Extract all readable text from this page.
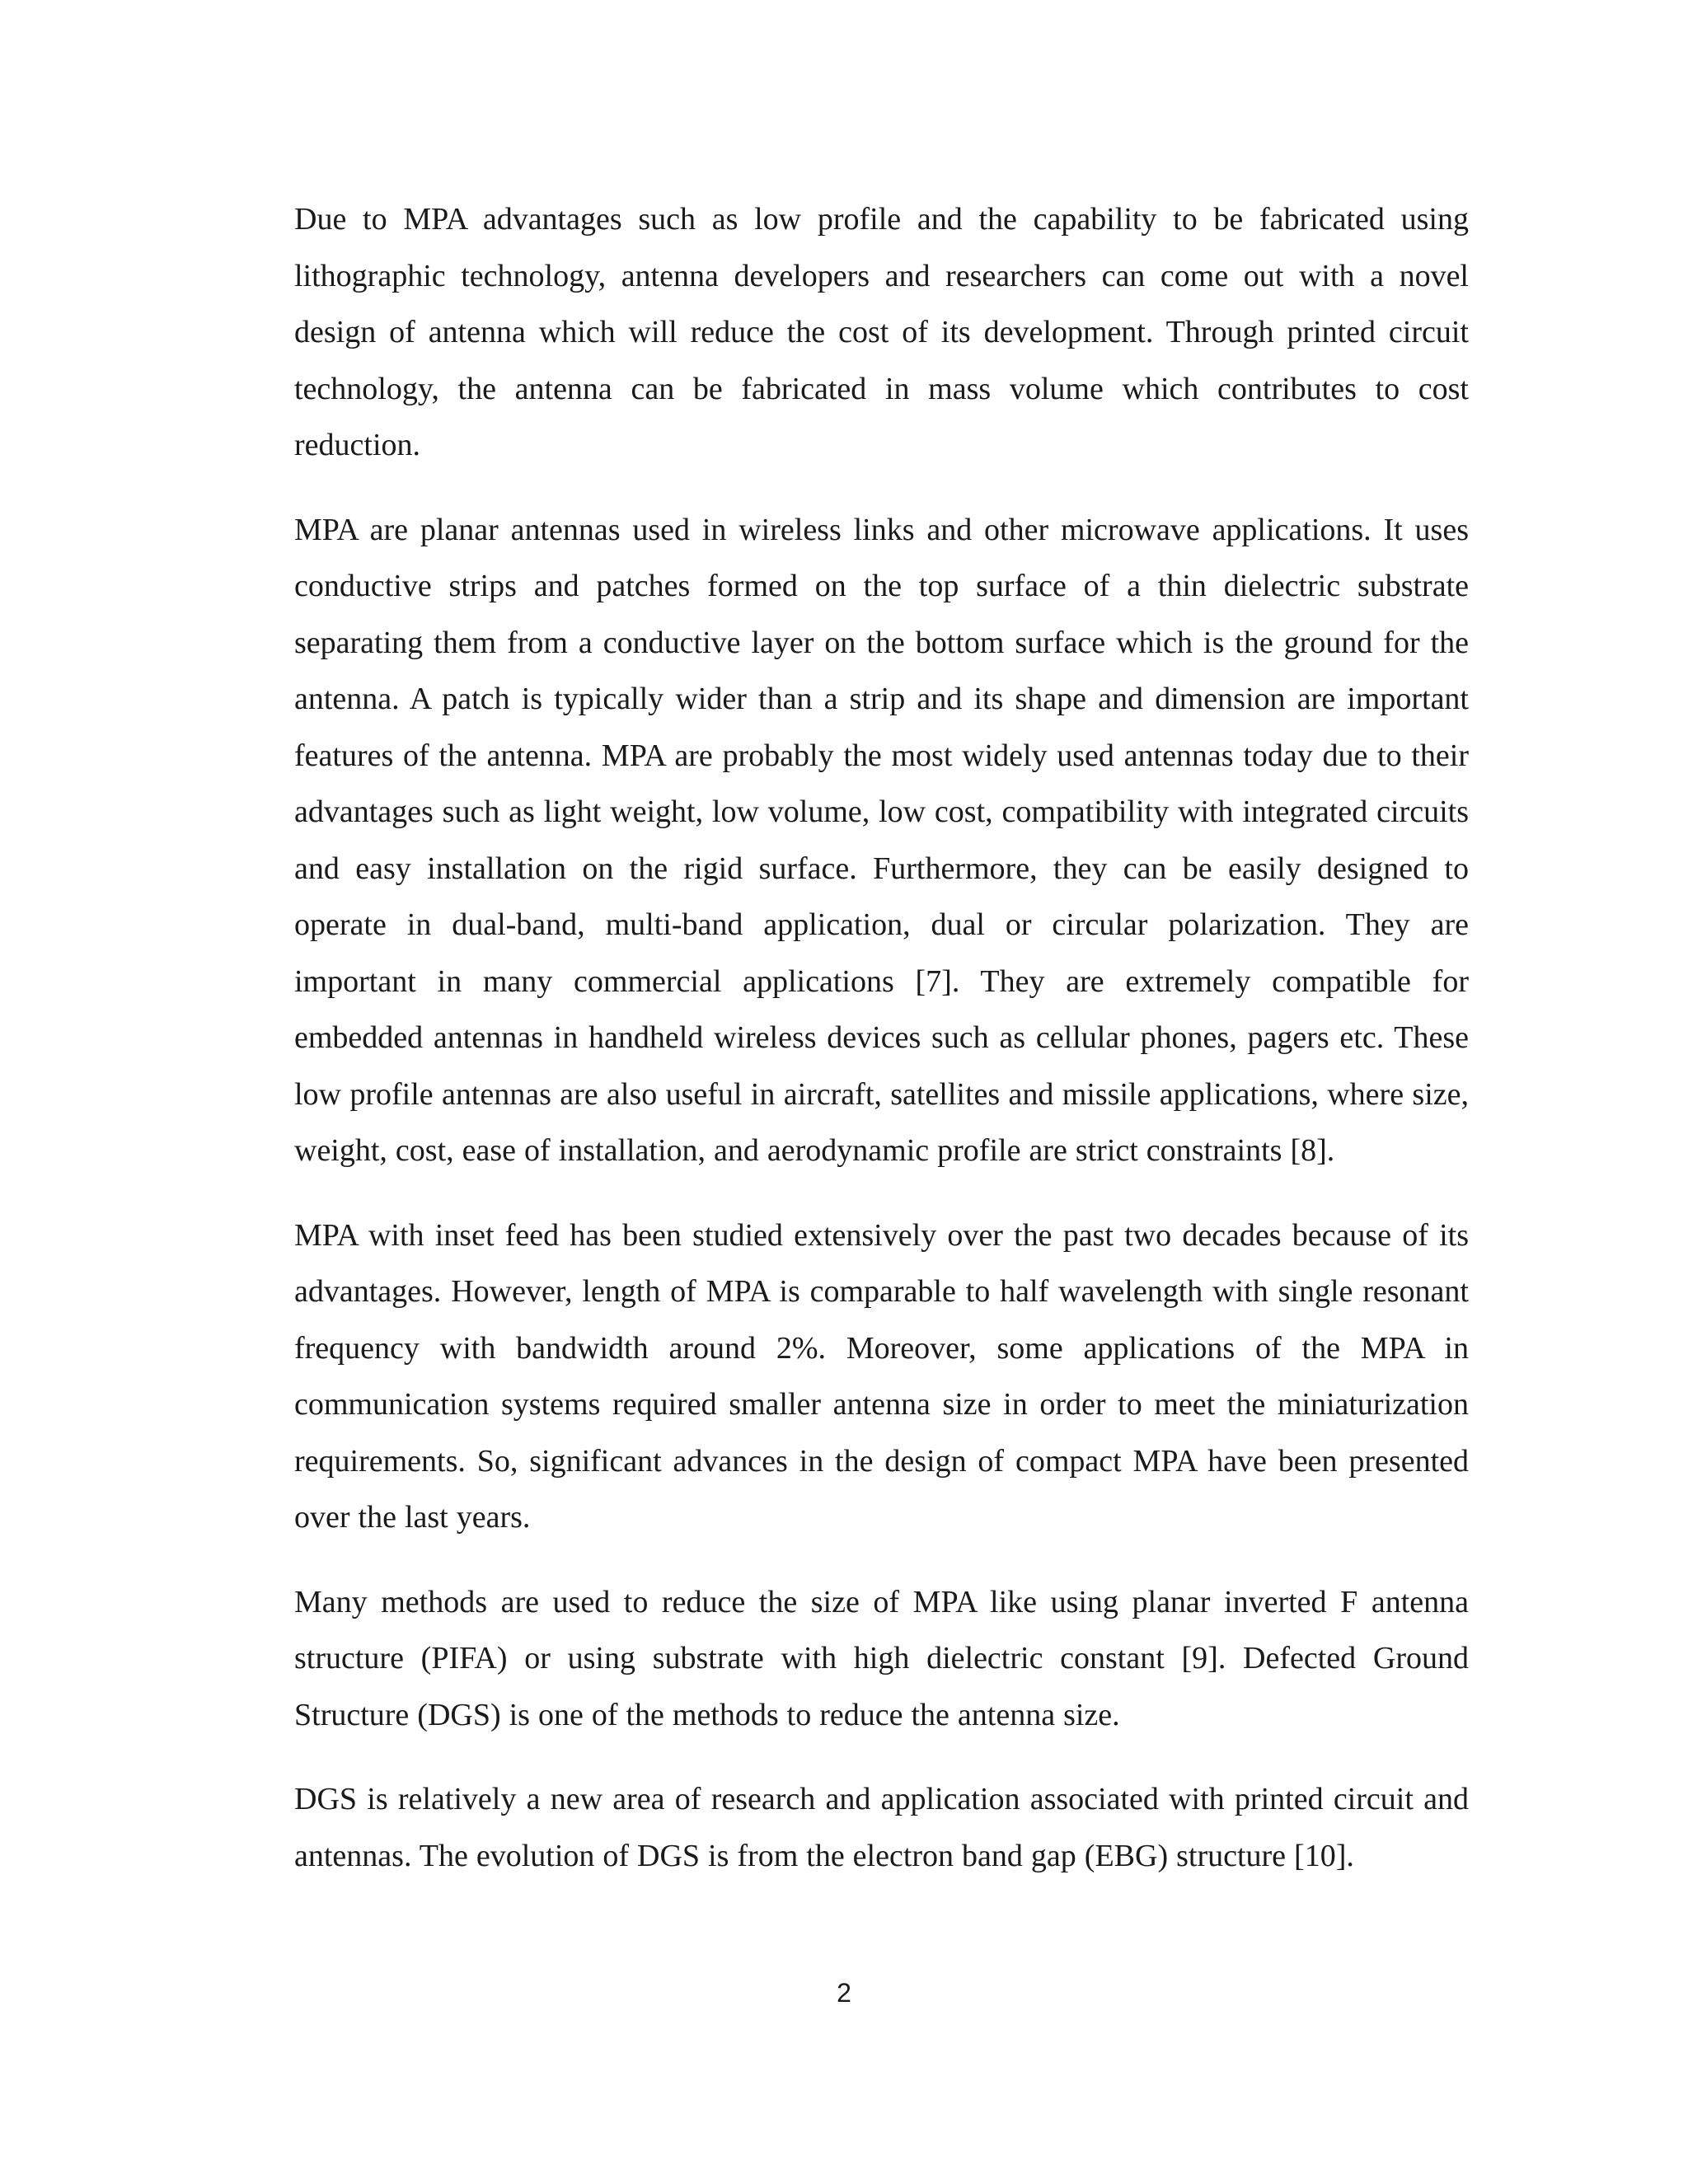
Due to MPA advantages such as low profile and the capability to be fabricated using lithographic technology, antenna developers and researchers can come out with a novel design of antenna which will reduce the cost of its development. Through printed circuit technology, the antenna can be fabricated in mass volume which contributes to cost reduction.

MPA are planar antennas used in wireless links and other microwave applications. It uses conductive strips and patches formed on the top surface of a thin dielectric substrate separating them from a conductive layer on the bottom surface which is the ground for the antenna. A patch is typically wider than a strip and its shape and dimension are important features of the antenna. MPA are probably the most widely used antennas today due to their advantages such as light weight, low volume, low cost, compatibility with integrated circuits and easy installation on the rigid surface. Furthermore, they can be easily designed to operate in dual-band, multi-band application, dual or circular polarization. They are important in many commercial applications [7]. They are extremely compatible for embedded antennas in handheld wireless devices such as cellular phones, pagers etc. These low profile antennas are also useful in aircraft, satellites and missile applications, where size, weight, cost, ease of installation, and aerodynamic profile are strict constraints [8].

MPA with inset feed has been studied extensively over the past two decades because of its advantages. However, length of MPA is comparable to half wavelength with single resonant frequency with bandwidth around 2%. Moreover, some applications of the MPA in communication systems required smaller antenna size in order to meet the miniaturization requirements. So, significant advances in the design of compact MPA have been presented over the last years.

Many methods are used to reduce the size of MPA like using planar inverted F antenna structure (PIFA) or using substrate with high dielectric constant [9]. Defected Ground Structure (DGS) is one of the methods to reduce the antenna size.

DGS is relatively a new area of research and application associated with printed circuit and antennas. The evolution of DGS is from the electron band gap (EBG) structure [10].

2
